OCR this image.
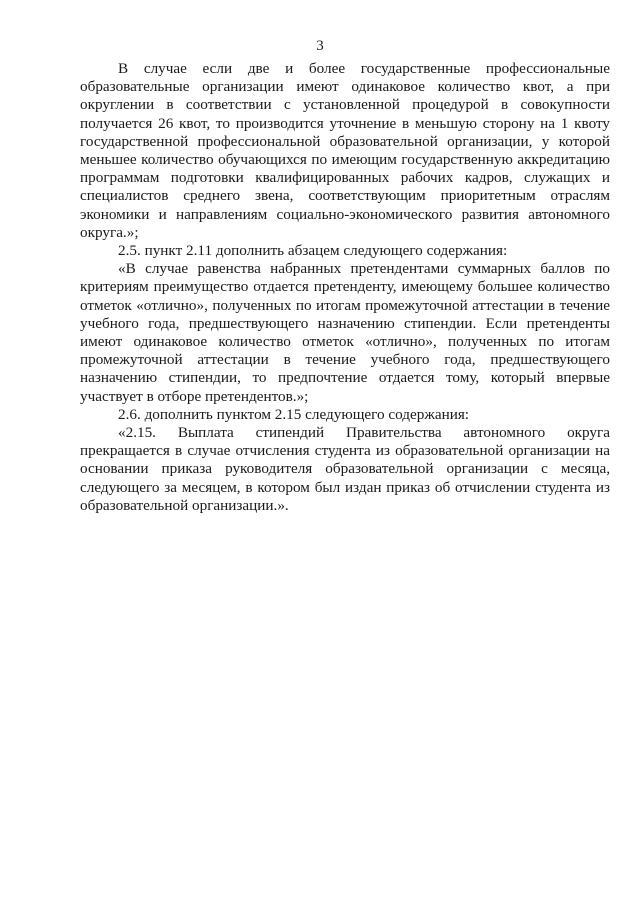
3

В случае если две и более государственные профессиональные образовательные организации имеют одинаковое количество квот, а при округлении в соответствии с установленной процедурой в совокупности получается 26 квот, то производится уточнение в меньшую сторону на 1 квоту государственной профессиональной образовательной организации, у которой меньшее количество обучающихся по имеющим государственную аккредитацию программам подготовки квалифицированных рабочих кадров, служащих и специалистов среднего звена, соответствующим приоритетным отраслям экономики и направлениям социально-экономического развития автономного округа.»;

2.5. пункт 2.11 дополнить абзацем следующего содержания:

«В случае равенства набранных претендентами суммарных баллов по критериям преимущество отдается претенденту, имеющему большее количество отметок «отлично», полученных по итогам промежуточной аттестации в течение учебного года, предшествующего назначению стипендии. Если претенденты имеют одинаковое количество отметок «отлично», полученных по итогам промежуточной аттестации в течение учебного года, предшествующего назначению стипендии, то предпочтение отдается тому, который впервые участвует в отборе претендентов.»;

2.6. дополнить пунктом 2.15 следующего содержания:

«2.15. Выплата стипендий Правительства автономного округа прекращается в случае отчисления студента из образовательной организации на основании приказа руководителя образовательной организации с месяца, следующего за месяцем, в котором был издан приказ об отчислении студента из образовательной организации.».
